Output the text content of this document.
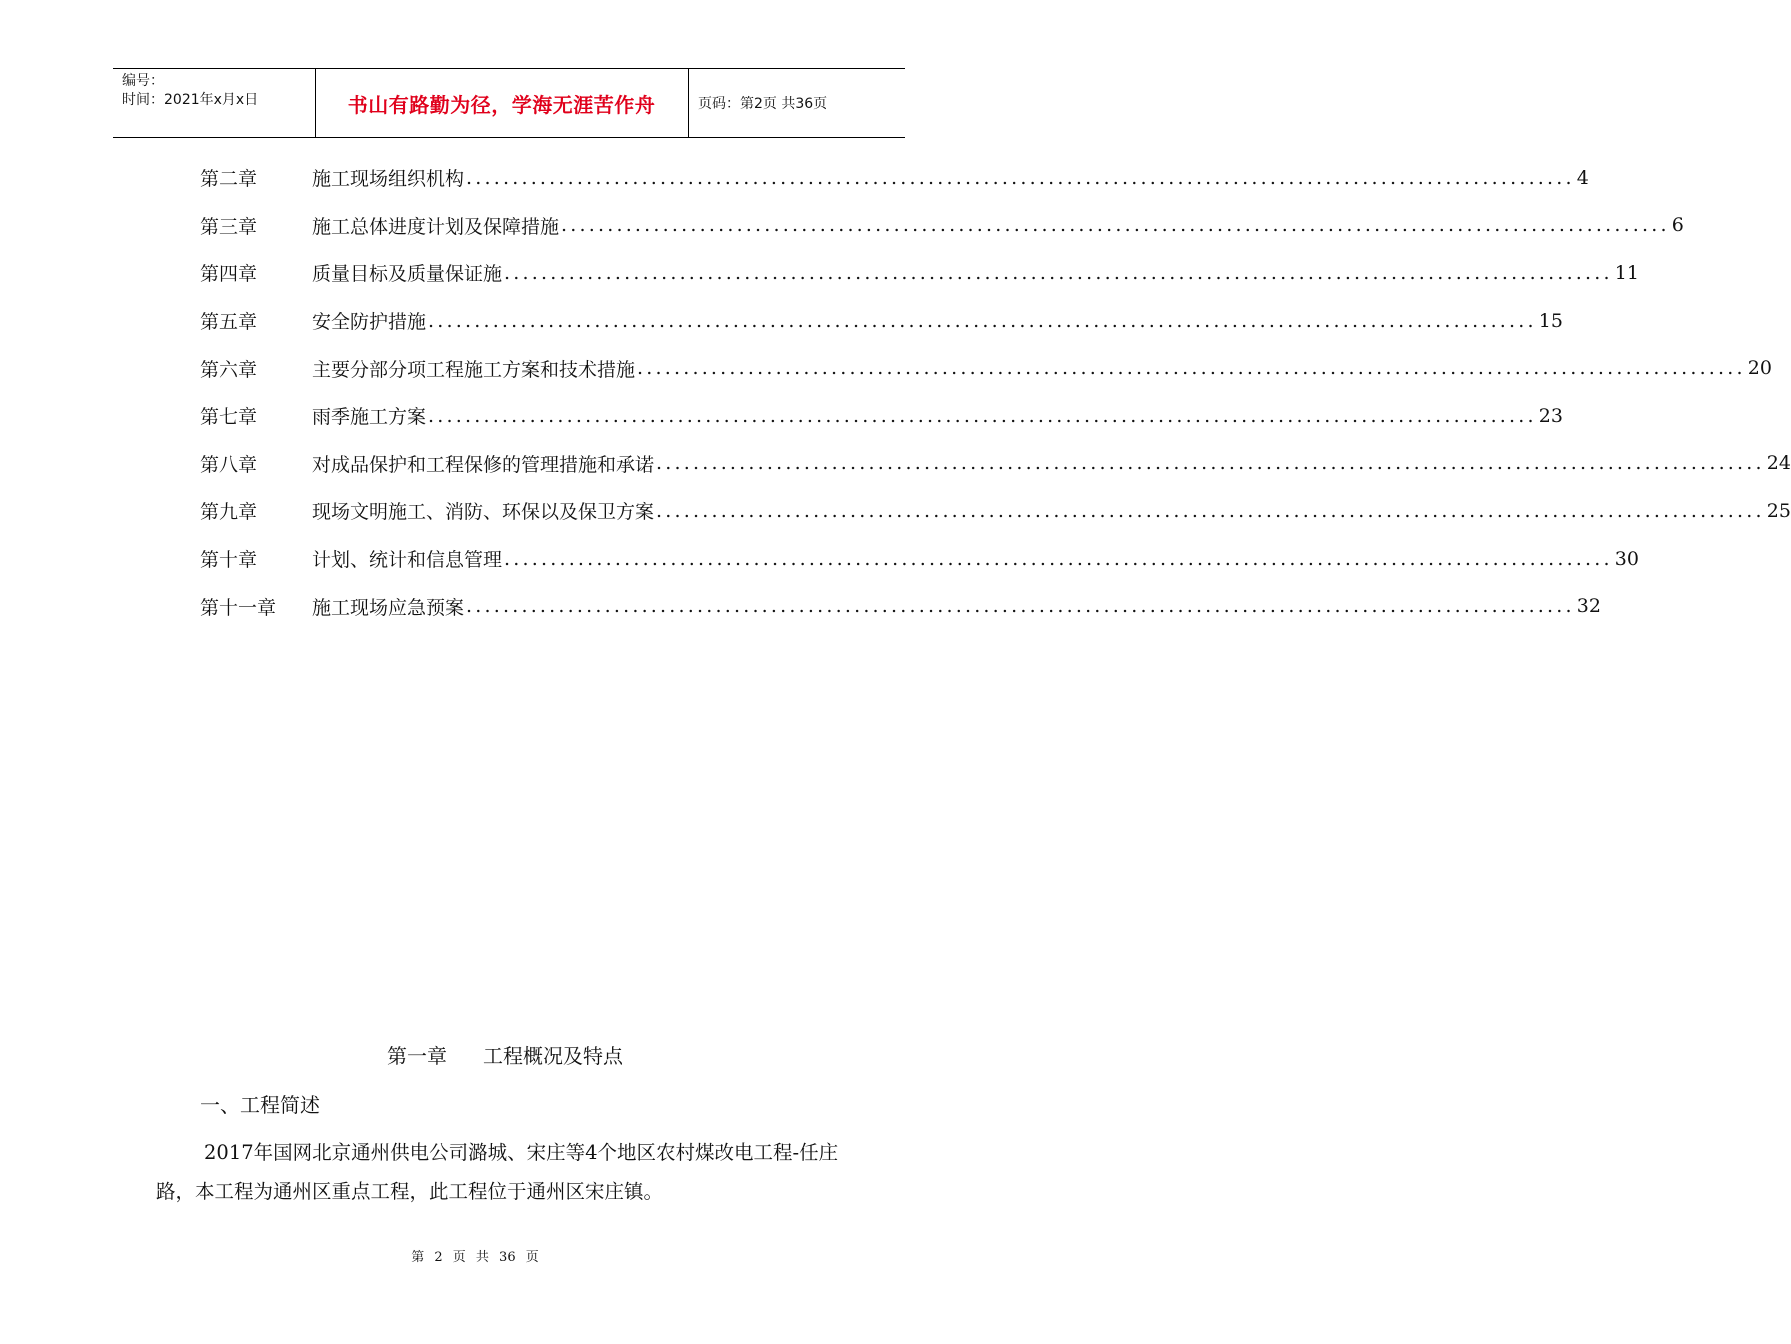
编号：
时间：2021年x月x日	书山有路勤为径，学海无涯苦作舟	页码：第2页 共36页
第二章	施工现场组织机构 ........................................................................................................................ 4
第三章	施工总体进度计划及保障措施 ........................................................................................................................ 6
第四章	质量目标及质量保证施 ........................................................................................................................ 11
第五章	安全防护措施 ........................................................................................................................ 15
第六章	主要分部分项工程施工方案和技术措施 ........................................................................................................................ 20
第七章	雨季施工方案 ........................................................................................................................ 23
第八章	对成品保护和工程保修的管理措施和承诺 ........................................................................................................................ 24
第九章	现场文明施工、消防、环保以及保卫方案 ........................................................................................................................ 25
第十章	计划、统计和信息管理 ........................................................................................................................ 30
第十一章	施工现场应急预案 ........................................................................................................................ 32
第一章 工程概况及特点
一、工程简述
2017年国网北京通州供电公司潞城、宋庄等4个地区农村煤改电工程-任庄路，本工程为通州区重点工程，此工程位于通州区宋庄镇。
第 2 页 共 36 页
